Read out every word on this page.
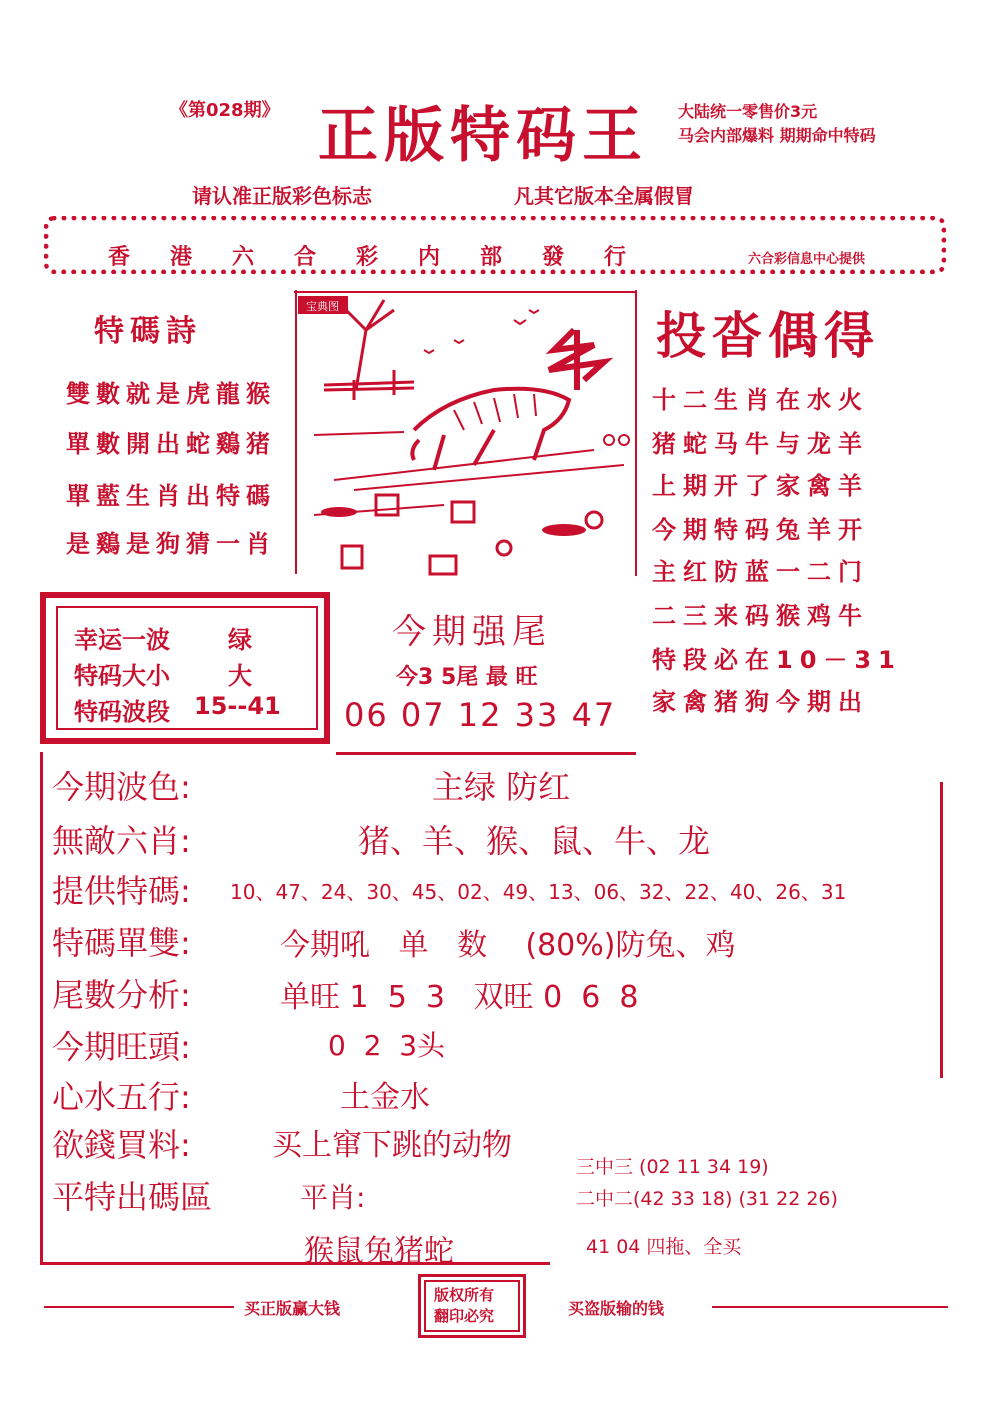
《第028期》 正版特码王 大陆统一零售价3元
马会内部爆料 期期命中特码
请认准正版彩色标志	凡其它版本全属假冒
香港六合彩内部發行	六合彩信息中心提供
特碼詩
雙數就是虎龍猴
單數開出蛇鷄猪
單藍生肖出特碼
是鷄是狗猜一肖
宝典图	投沓偶得
十二生肖在水火
猪蛇马牛与龙羊
上期开了家禽羊
今期特码兔羊开
主红防蓝一二门
二三来码猴鸡牛
特段必在10－31
家禽猪狗今期出
幸运一波 绿
特码大小 大
特码波段 15--41
今期强尾
今3 5尾 最 旺
06 07 12 33 47
今期波色:	主绿 防红
無敵六肖:	猪、羊、猴、鼠、牛、龙
提供特碼: 10、47、24、30、45、02、49、13、06、32、22、40、26、31
特碼單雙:	今期吼   单   数    (80%)防兔、鸡
尾數分析:	单旺 1  5  3   双旺 0  6  8
今期旺頭:	0  2  3头
心水五行:	土金水
欲錢買料:	买上窜下跳的动物
平特出碼區	平肖:
猴鼠兔猪蛇
三中三 (02 11 34 19)
二中二(42 33 18) (31 22 26)
41 04 四拖、全买
买正版赢大钱	买盗版输的钱
版权所有
翻印必究
